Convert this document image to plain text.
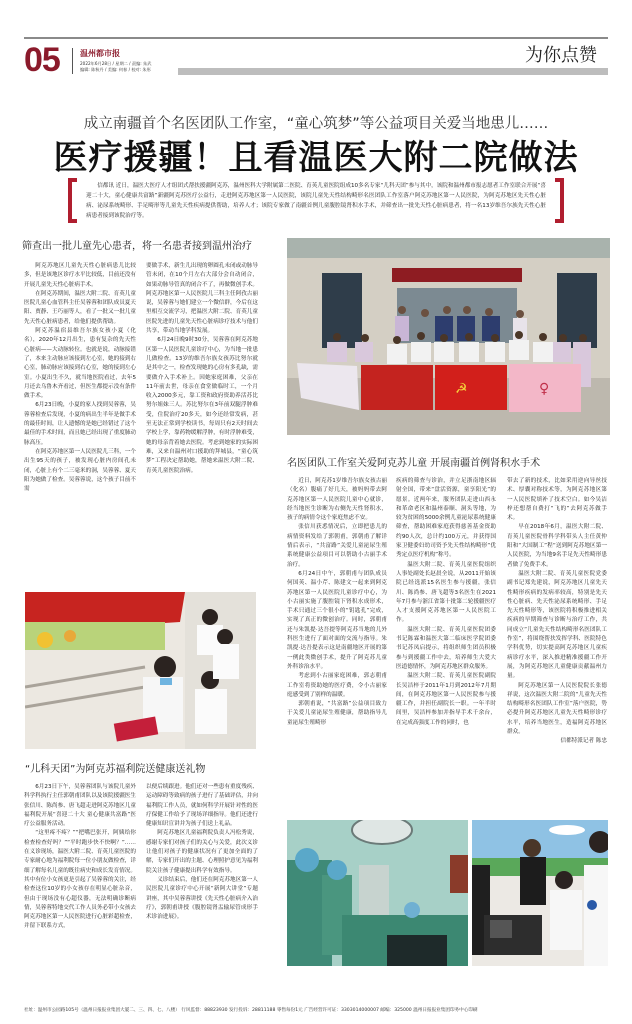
05	温州都市报
2022年6月28日 / 星期二 / 责编: 朱武
编辑: 陈秋丹 / 美编: 何春 / 校对: 朱彤
为你点赞
成立南疆首个名医团队工作室，“童心筑梦”等公益项目关爱当地患儿……
医疗援疆！且看温医大附二院做法
信都讯 近日，温医大医疗人才组团式帮扶援疆阿克苏，温州医科大学附属第二医院、育英儿童医院组成10多名专家“儿科天团”参与其中，该院和温州都市报志愿者工作室联合开展“喜迎二十大，童心健康共富路”新疆阿克苏医疗公益行，走进阿克苏地区第一人民医院，该院儿童先天性结构畸形名医团队工作室落户阿克苏地区第一人民医院，为阿克苏地区先天性心脏病、泌尿系统畸形、手足畸形等儿童先天性疾病提供帮助，培养人才；该院专家做了南疆首例儿童腹腔镜肾积水手术，并筛查出一批先天性心脏病患者，将一名13岁维吾尔族先天性心脏病患者接到该院治疗等。
筛查出一批儿童先心患者，将一名患者接到温州治疗

阿克苏地区儿童先天性心脏病患儿比较多，但是该地区诊疗水平比较低，目前还没有开展儿童先天性心脏病手术。

在阿克苏期间，温医大附二院、育英儿童医院儿童心血管科主任吴蓉蓉和团队成员夏天阳、贾静、王巧丽等人，看了一批又一批儿童先天性心脏病患者，给他们提供帮助。

阿克苏温宿县维吾尔族女孩小夏（化名），2020年12月出生，患有复杂的先天性心脏病——大动脉转位。也就是说，动脉接错了，本来主动脉应该接到左心室，她的接到右心室，肺动脉应该接到右心室，她的接到左心室。小夏出生不久，就当地医院看过，去年5月还去乌鲁木齐看过，但医生都提示没有条件做手术。

6月23日晚，小夏的家人找到吴蓉蓉，吴蓉蓉检查后发现，小夏的病出生半年是做手术的最佳时间，让人遗憾的是她已经错过了这个最佳的手术时间，而且她已经出现了重度肺动脉高压。

在阿克苏地区第一人民医院儿三科，一个出生95天的孩子，被发现心脏内房间孔未闭，心脏上有个二三毫米的洞，吴蓉蓉、夏天阳为她做了检查。吴蓉蓉说，这个孩子目前不需

要做手术，新生儿出现的卵圆孔未闭或动脉导管未闭，在10个月左右大部分会自动闭合，如果动脉导管真的闭合不了，再做微创手术。阿克苏地区第一人民医院儿三科主任阿孜古丽说，吴蓉蓉与她们建立一个微信群，今后在这里相互交流学习，把温医大附二院、育英儿童医院先进的儿童先天性心脏病诊疗技术与他们共享，带动当地学科发展。

6月24日晚9时30分，吴蓉蓉在阿克苏地区第一人民医院儿童诊疗中心，为当地一批患儿做检查。13岁的维吾尔族女孩苏比努尔就是其中之一，检查发现她的心房有多孔缺，需要做介入手术补上。因她家庭困难，父亲在11年前去世，母亲在食堂做临时工，一个月收入2000多元，靠工资和政府资助养活苏比努尔姐妹三人。苏比努尔在3年前双腿浮肿难受，住院治疗20多天，如今还经常发病，甚至无法正常到学校读书，每周只有2天时间去学校上学，靠药物缓解浮肿，有时浮肿难受，她的母亲背着她去医院。考虑到她家的实际困难，又来自温州对口援助的拜城县，“童心筑梦”工程决定帮助她，帮她来温医大附二院、育英儿童医院治病。

☭	♀
名医团队工作室关爱阿克苏儿童 开展南疆首例肾积水手术

近日，阿克苏1岁维吾尔族女孩古丽（化名）腹痛了好几天，被妈妈带去阿克苏地区第一人民医院儿童中心就诊，经当地医生诊断为右侧先天性肾积水，孩子的病情令这个家庭焦虑不安。

张信川获悉情况后，立即把患儿的病情资料发给了郭朝甫，郭朝甫了解详情后表示，“共富路”关爱儿童泌尿生殖系统健康公益项目可以帮助小古丽手术治疗。

6月24日中午，郭朝甫与团队成员何国英、温小芹、陈建文一起来到阿克苏地区第一人民医院儿童诊疗中心，为小古丽实施了腹腔镜下肾积水成形术，手术只通过三个很小的“钥匙孔”完成，实现了真正的微创治疗。同时，郭朝甫还与朱凯提·达吾提等阿克苏当地的儿外科医生进行了面对面的交流与指导。朱凯提·达吾提表示这是南疆地区开展的第一例此类微创手术，提升了阿克苏儿童外科诊治水平。

考虑到小古丽家庭困难，郭志朝甫工作室将资助她的医疗费，令小古丽家庭感受到了别样的温暖。

郭朝甫说，“共富路”公益项目致力于关爱儿童泌尿生殖健康，帮助指导儿童泌尿生殖畸形

疾病的筛查与诊治，并立足浙南地区辐射全国，带来“盘活资源，童享阳光”的愿景。近两年来，服务团队走进山西永和革命老区和温州泰顺、洞头等地，为较为贫困的5000余例儿童泌尿系统健康筛查，帮助困难家庭获得慈善基金资助约90人次，总计约100万元，并获得国家卫健委妇幼司资予先天性结构畸形“优秀定点医疗机构”称号。

温医大附二院、育英儿童医院组织人事处副处长赵晨全说，从2011开始该院已经选派15名医生参与援疆，张信川、陈尚参、唐飞超等3名医生在2021年7月参与浙江省第十批第二轮援疆医疗人才支援阿克苏地区第一人民医院工作。

温医大附二院、育英儿童医院团委书记陈霖和温医大第二临床医学院团委书记苏凤启提示，将组织师生团员积极参与到援疆工作中去，培养师生大爱大医道德情怀，为阿克苏地区群众服务。

温医大附二院、育英儿童医院副院长吴洁梓于2011年1月到2012年7月期间，在阿克苏地区第一人民医院参与援疆工作，并担任副院长一职。一年半时间里，吴洁梓参加并指导手术千余台，在完成高强度工作的同时，也

带去了新的技术，比如采用逆向导丝技术、厚囊对称技术等，为阿克苏地区第一人民医院填补了技术空白。如今吴洁梓还想帮自费打“飞的”去阿克苏做手术。

早在2018年6月，温医大附二院、育英儿童医院骨科学科带头人主任黄仲阳和“大国制工”程“送到阿克苏地区第一人民医院，为当地9名手足先天性畸形患者做了免费手术。

温医大附二院、育英儿童医院党委副书记郑先建说，阿克苏地区儿童先天性畸形疾病的发病率较高，特别是先天性心脏病、先天性泌尿系统畸形、手足先天性畸形等，该医院将积极推进相关疾病的早期筛查与诊断与治疗工作，共同成立“儿童先天性结构畸形名医团队工作室”，将围绕帮扶发挥学科、医院特色学科优势，切实提高阿克苏地区儿童疾病诊疗水平，深入推进精准援疆工作开展，为阿克苏地区儿童健康贡献温州力量。

阿克苏地区第一人民医院院长张德祥说，这次温医大附二院的“儿童先天性结构畸形名医团队工作室”落户医院，势必提升阿克苏地区儿童先天性畸形诊疗水平，培养当地医生，造福阿克苏地区群众。

信都特派记者 陈忠

“儿科天团”为阿克苏福利院送健康送礼物

6月23日下午，吴蓉蓉团队与该院儿童外科学科执行主任郭朝甫团队以及该院援疆医生张信川、陈尚参、唐飞超走进阿克苏地区儿童福利院开展“喜迎二十大 童心健康共富路”医疗公益服务活动。

“这里疼不疼？”“把嘴巴张开，阿姨给你检查检查好吗？”“平时跑步快不快啊？”……在义诊现场，温医大附二院、育英儿童医院的专家耐心地为福利院每一位小朋友做检查，详细了解每名儿童的既往病史和成长发育情况。其中有位小女孩更是引起了吴蓉蓉的关注，经检查这位10岁的小女孩存在明显心脏杂音，但由于现场没有心超仪器，无法明确诊断病情，吴蓉蓉特地交代工作人员务必带小女孩去阿克苏地区第一人民医院进行心脏彩超检查，并留下联系方式，

以便后续跟进。他们还对一些患有重度残疾、运动障碍等致病的孩子进行了基础评估，并向福利院工作人员，就如何科学开展针对性的医疗保健工作给予了现场详细指导。他们还进行健康知识宣讲并为孩子们送上礼品。

阿克苏地区儿童福利院负责人冯松秀说，感谢专家们对孩子们的关心与关爱，此次义诊让他们对孩子的健康状况有了更加全面的了解，专家们开出的主题、心理照护意见为福利院关注孩子健康提出科学有效指导。

义诊结束后，他们还在阿克苏地区第一人民医院儿童诊疗中心开展“新阿大讲堂”专题讲座，其中吴蓉蓉讲授《先天性心脏病介入治疗》，郭朝甫讲授《腹腔镜肾盂输尿管成形手术诊治进展》。

社址：温州市公园路105号（温州日报报业集团大厦二、三、四、七、八楼） 行风监督：88823930 发行投诉：28811188 零售每份1元 广告经营许可证：3303014000007 邮编：325000 温州日报报业集团印务中心印刷
